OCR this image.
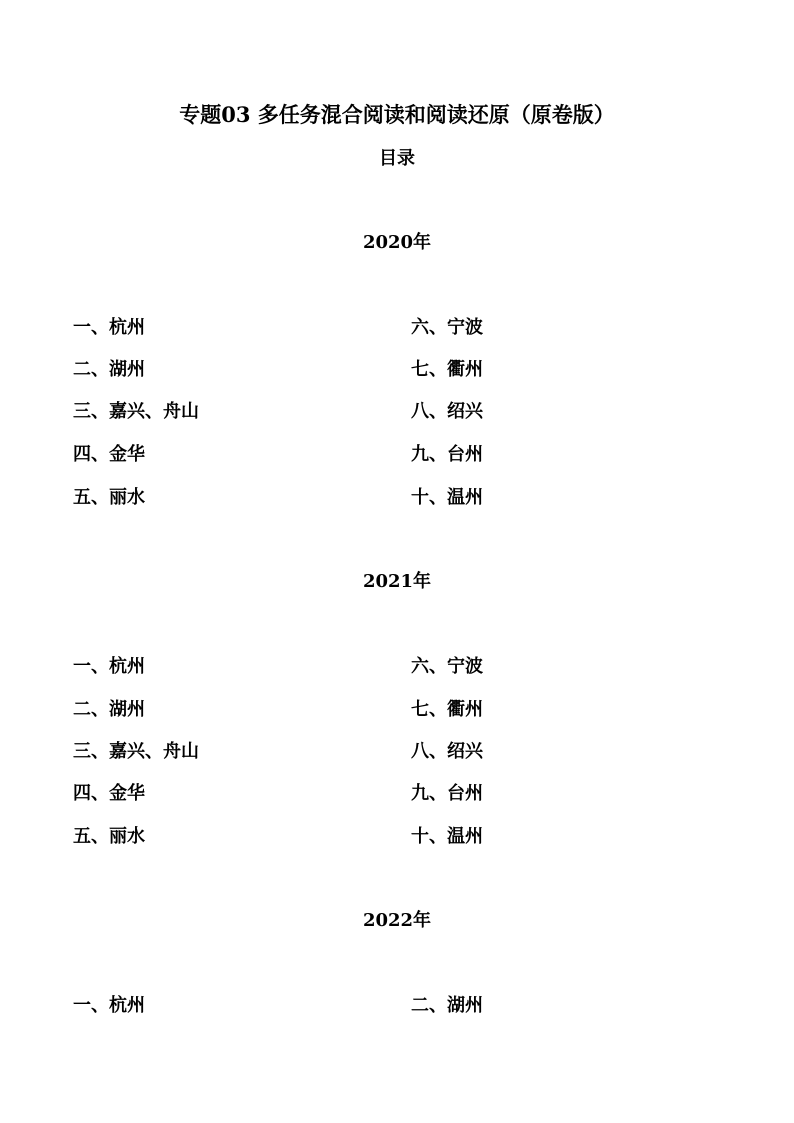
专题03 多任务混合阅读和阅读还原（原卷版）
目录
2020年
一、杭州
二、湖州
三、嘉兴、舟山
四、金华
五、丽水
六、宁波
七、衢州
八、绍兴
九、台州
十、温州
2021年
一、杭州
二、湖州
三、嘉兴、舟山
四、金华
五、丽水
六、宁波
七、衢州
八、绍兴
九、台州
十、温州
2022年
一、杭州	二、湖州
